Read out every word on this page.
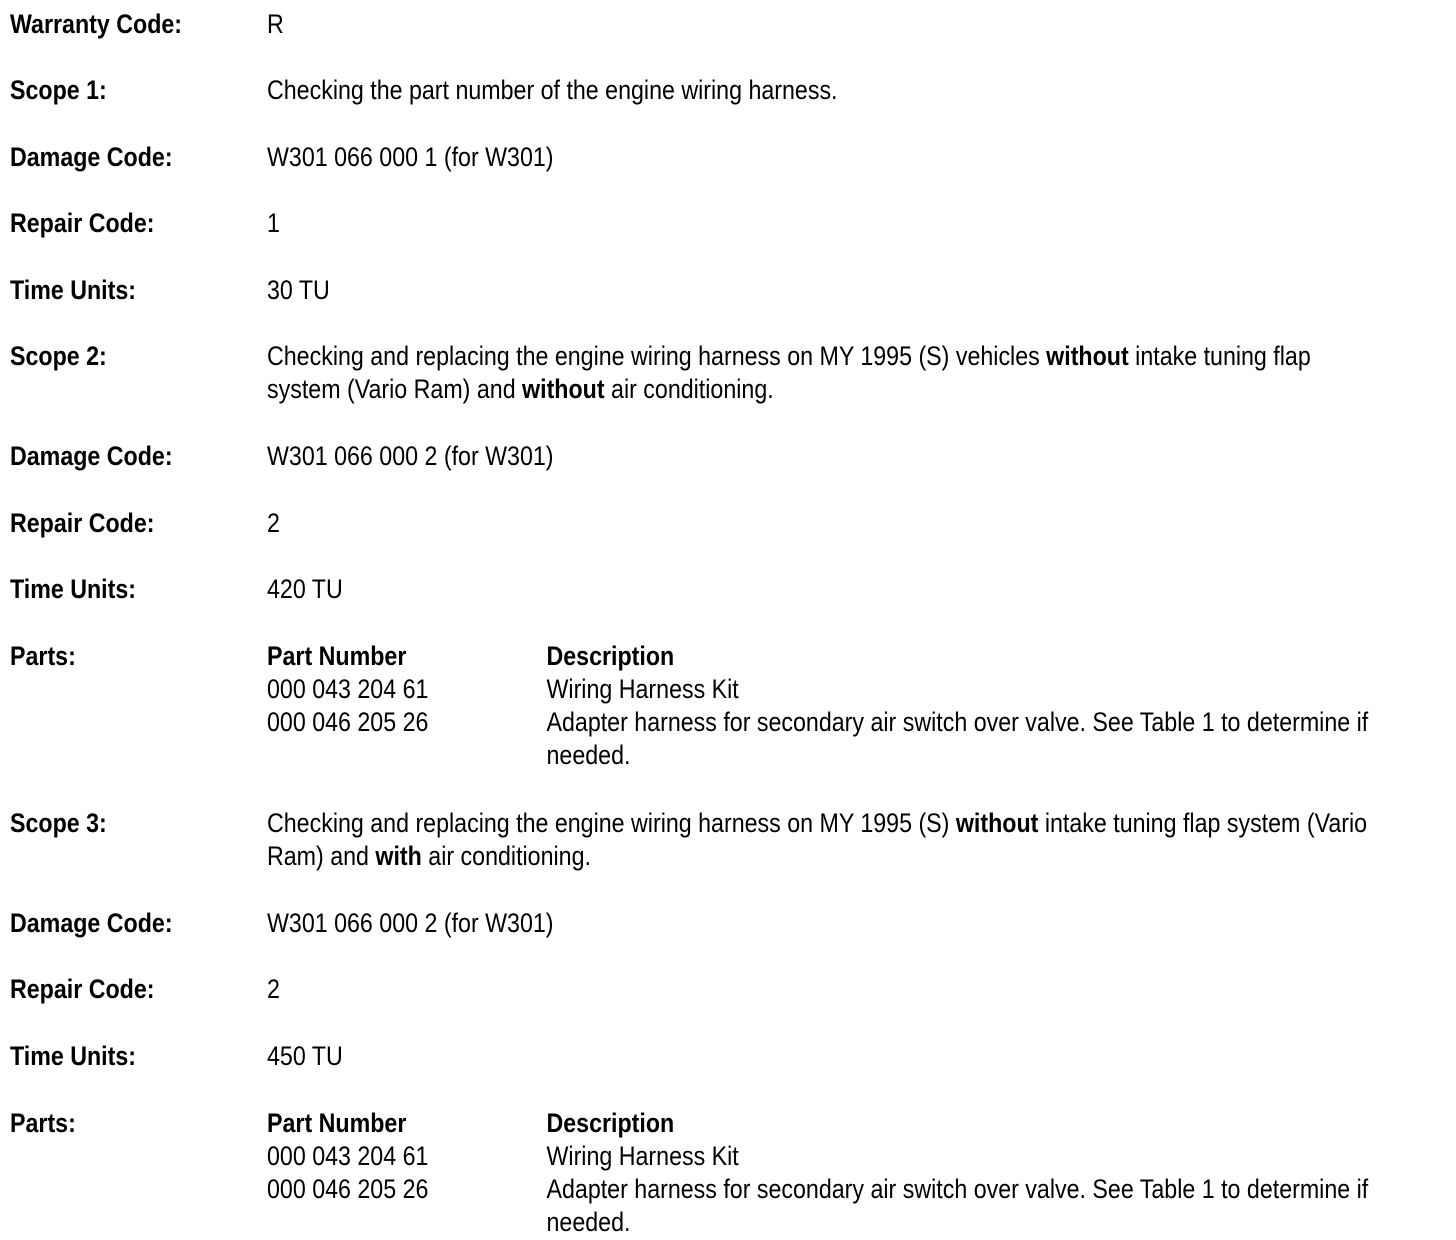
Warranty Code:	R
Scope 1:	Checking the part number of the engine wiring harness.
Damage Code:	W301 066 000 1 (for W301)
Repair Code:	1
Time Units:	30 TU
Scope 2:	Checking and replacing the engine wiring harness on MY 1995 (S) vehicles without intake tuning flap system (Vario Ram) and without air conditioning.
Damage Code:	W301 066 000 2 (for W301)
Repair Code:	2
Time Units:	420 TU
Parts:	Part Number	Description
000 043 204 61	Wiring Harness Kit
000 046 205 26	Adapter harness for secondary air switch over valve. See Table 1 to determine if needed.
Scope 3:	Checking and replacing the engine wiring harness on MY 1995 (S) without intake tuning flap system (Vario Ram) and with air conditioning.
Damage Code:	W301 066 000 2 (for W301)
Repair Code:	2
Time Units:	450 TU
Parts:	Part Number	Description
000 043 204 61	Wiring Harness Kit
000 046 205 26	Adapter harness for secondary air switch over valve. See Table 1 to determine if needed.
